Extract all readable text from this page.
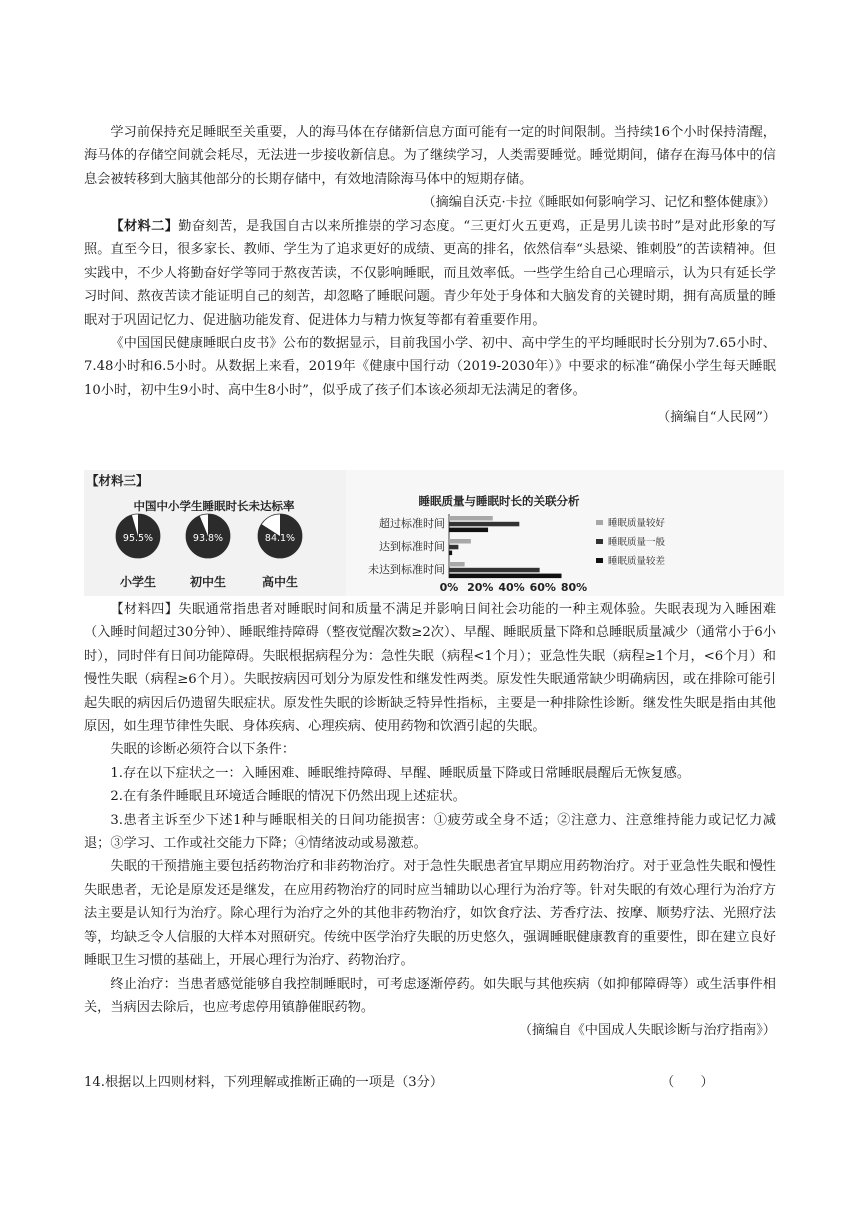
学习前保持充足睡眠至关重要，人的海马体在存储新信息方面可能有一定的时间限制。当持续16个小时保持清醒，海马体的存储空间就会耗尽，无法进一步接收新信息。为了继续学习，人类需要睡觉。睡觉期间，储存在海马体中的信息会被转移到大脑其他部分的长期存储中，有效地清除海马体中的短期存储。

（摘编自沃克·卡拉《睡眠如何影响学习、记忆和整体健康》）

【材料二】勤奋刻苦，是我国自古以来所推崇的学习态度。“三更灯火五更鸡，正是男儿读书时”是对此形象的写照。直至今日，很多家长、教师、学生为了追求更好的成绩、更高的排名，依然信奉“头悬梁、锥刺股”的苦读精神。但实践中，不少人将勤奋好学等同于熬夜苦读，不仅影响睡眠，而且效率低。一些学生给自己心理暗示，认为只有延长学习时间、熬夜苦读才能证明自己的刻苦，却忽略了睡眠问题。青少年处于身体和大脑发育的关键时期，拥有高质量的睡眠对于巩固记忆力、促进脑功能发育、促进体力与精力恢复等都有着重要作用。

《中国国民健康睡眠白皮书》公布的数据显示，目前我国小学、初中、高中学生的平均睡眠时长分别为7.65小时、7.48小时和6.5小时。从数据上来看，2019年《健康中国行动（2019-2030年）》中要求的标准“确保小学生每天睡眠10小时，初中生9小时、高中生8小时”，似乎成了孩子们本该必须却无法满足的奢侈。

（摘编自“人民网”）

【材料三】
中国中小学生睡眠时长未达标率
95.5%
小学生
93.8%
初中生
84.1%
高中生
睡眠质量与睡眠时长的关联分析
超过标准时间
达到标准时间
未达到标准时间
0% 20% 40% 60% 80%
睡眠质量较好
睡眠质量一般
睡眠质量较差

【材料四】失眠通常指患者对睡眠时间和质量不满足并影响日间社会功能的一种主观体验。失眠表现为入睡困难（入睡时间超过30分钟）、睡眠维持障碍（整夜觉醒次数≥2次）、早醒、睡眠质量下降和总睡眠质量减少（通常小于6小时），同时伴有日间功能障碍。失眠根据病程分为：急性失眠（病程<1个月）；亚急性失眠（病程≥1个月，<6个月）和慢性失眠（病程≥6个月）。失眠按病因可划分为原发性和继发性两类。原发性失眠通常缺少明确病因，或在排除可能引起失眠的病因后仍遗留失眠症状。原发性失眠的诊断缺乏特异性指标，主要是一种排除性诊断。继发性失眠是指由其他原因，如生理节律性失眠、身体疾病、心理疾病、使用药物和饮酒引起的失眠。

失眠的诊断必须符合以下条件：

1.存在以下症状之一：入睡困难、睡眠维持障碍、早醒、睡眠质量下降或日常睡眠晨醒后无恢复感。

2.在有条件睡眠且环境适合睡眠的情况下仍然出现上述症状。

3.患者主诉至少下述1种与睡眠相关的日间功能损害：①疲劳或全身不适；②注意力、注意维持能力或记忆力减退；③学习、工作或社交能力下降；④情绪波动或易激惹。

失眠的干预措施主要包括药物治疗和非药物治疗。对于急性失眠患者宜早期应用药物治疗。对于亚急性失眠和慢性失眠患者，无论是原发还是继发，在应用药物治疗的同时应当辅助以心理行为治疗等。针对失眠的有效心理行为治疗方法主要是认知行为治疗。除心理行为治疗之外的其他非药物治疗，如饮食疗法、芳香疗法、按摩、顺势疗法、光照疗法等，均缺乏令人信服的大样本对照研究。传统中医学治疗失眠的历史悠久，强调睡眠健康教育的重要性，即在建立良好睡眠卫生习惯的基础上，开展心理行为治疗、药物治疗。

终止治疗：当患者感觉能够自我控制睡眠时，可考虑逐渐停药。如失眠与其他疾病（如抑郁障碍等）或生活事件相关，当病因去除后，也应考虑停用镇静催眠药物。

（摘编自《中国成人失眠诊断与治疗指南》）

14.根据以上四则材料，下列理解或推断正确的一项是（3分）	（　　）
